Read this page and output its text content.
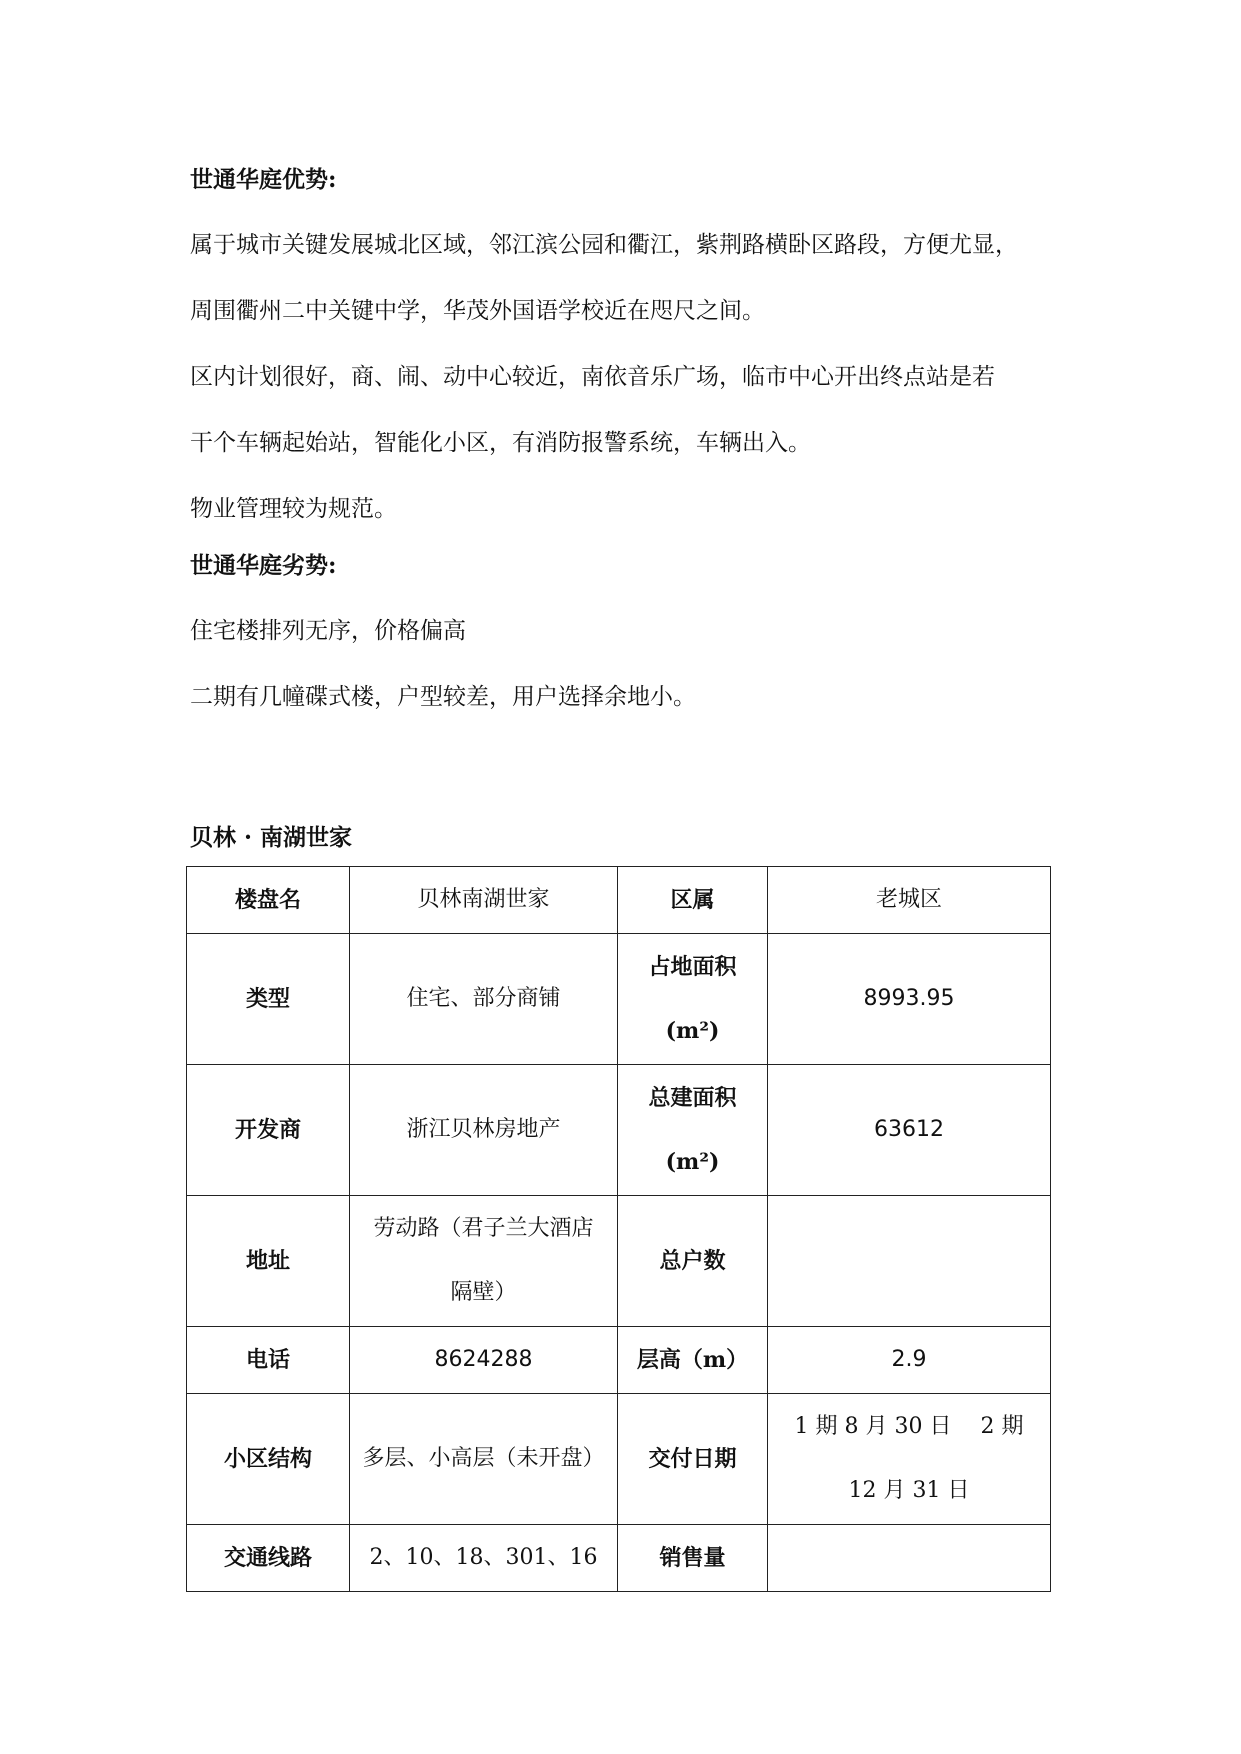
世通华庭优势:

属于城市关键发展城北区域，邻江滨公园和衢江，紫荆路横卧区路段，方便尤显，

周围衢州二中关键中学，华茂外国语学校近在咫尺之间。

区内计划很好，商、闹、动中心较近，南依音乐广场，临市中心开出终点站是若

干个车辆起始站，智能化小区，有消防报警系统，车辆出入。

物业管理较为规范。

世通华庭劣势:

住宅楼排列无序，价格偏高

二期有几幢碟式楼，户型较差，用户选择余地小。

贝林 · 南湖世家
楼盘名	贝林南湖世家	区属	老城区
类型	住宅、部分商铺	占地面积
(m²)	8993.95
开发商	浙江贝林房地产	总建面积
(m²)	63612
地址	劳动路（君子兰大酒店
隔壁）	总户数	
电话	8624288	层高（m）	2.9
小区结构	多层、小高层（未开盘）	交付日期	1 期 8 月 30 日　 2 期
12 月 31 日

交通线路	2、10、18、301、16	销售量	
